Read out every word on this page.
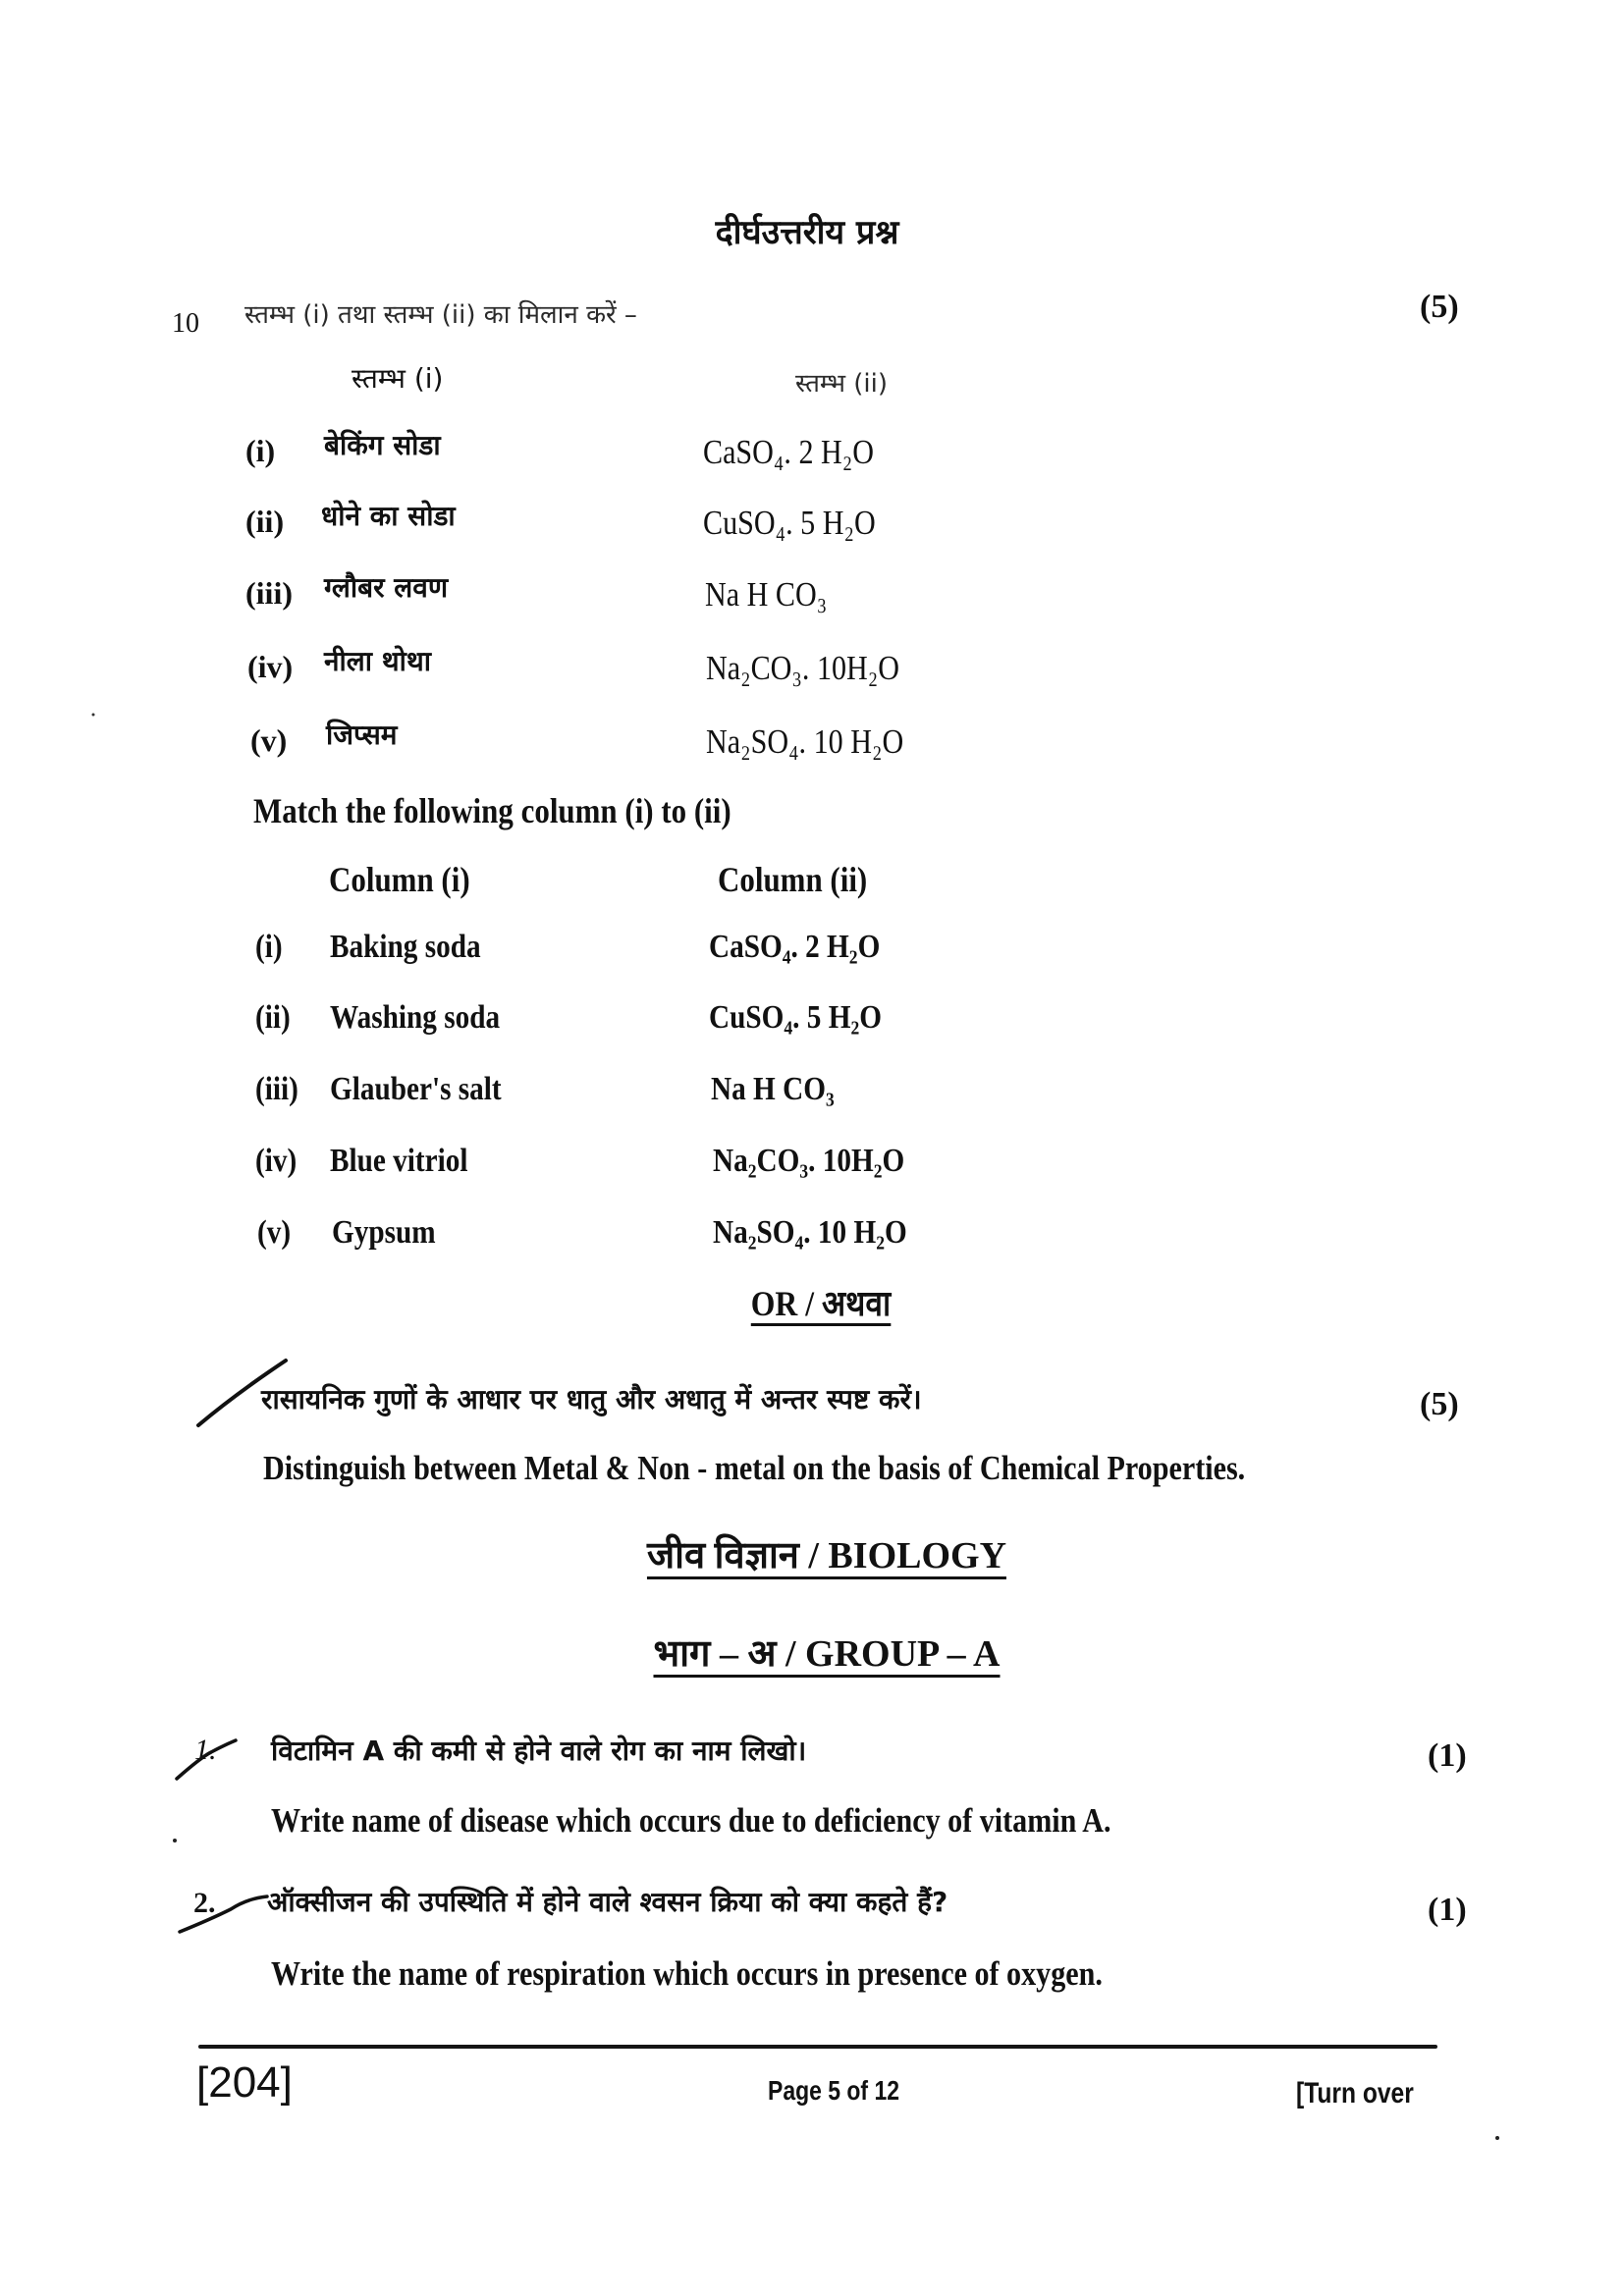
दीर्घउत्तरीय प्रश्न
10 स्तम्भ (i) तथा स्तम्भ (ii) का मिलान करें –	(5)
स्तम्भ (i)	स्तम्भ (ii)
(i) बेकिंग सोडा	CaSO₄. 2 H₂O
(ii) धोने का सोडा	CuSO₄. 5 H₂O
(iii) ग्लौबर लवण	Na H CO₃
(iv) नीला थोथा	Na₂CO₃. 10H₂O
(v) जिप्सम	Na₂SO₄. 10 H₂O
Match the following column (i) to (ii)
Column (i)	Column (ii)
(i) Baking soda	CaSO₄. 2 H₂O
(ii) Washing soda	CuSO₄. 5 H₂O
(iii) Glauber's salt	Na H CO₃
(iv) Blue vitriol	Na₂CO₃. 10H₂O
(v) Gypsum	Na₂SO₄. 10 H₂O
OR / अथवा
रासायनिक गुणों के आधार पर धातु और अधातु में अन्तर स्पष्ट करें।	(5)
Distinguish between Metal & Non - metal on the basis of Chemical Properties.
जीव विज्ञान / BIOLOGY
भाग – अ / GROUP – A
1. विटामिन A की कमी से होने वाले रोग का नाम लिखो।	(1)
Write name of disease which occurs due to deficiency of vitamin A.
2. ऑक्सीजन की उपस्थिति में होने वाले श्वसन क्रिया को क्या कहते हैं?	(1)
Write the name of respiration which occurs in presence of oxygen.
[204]	Page 5 of 12	[Turn over
